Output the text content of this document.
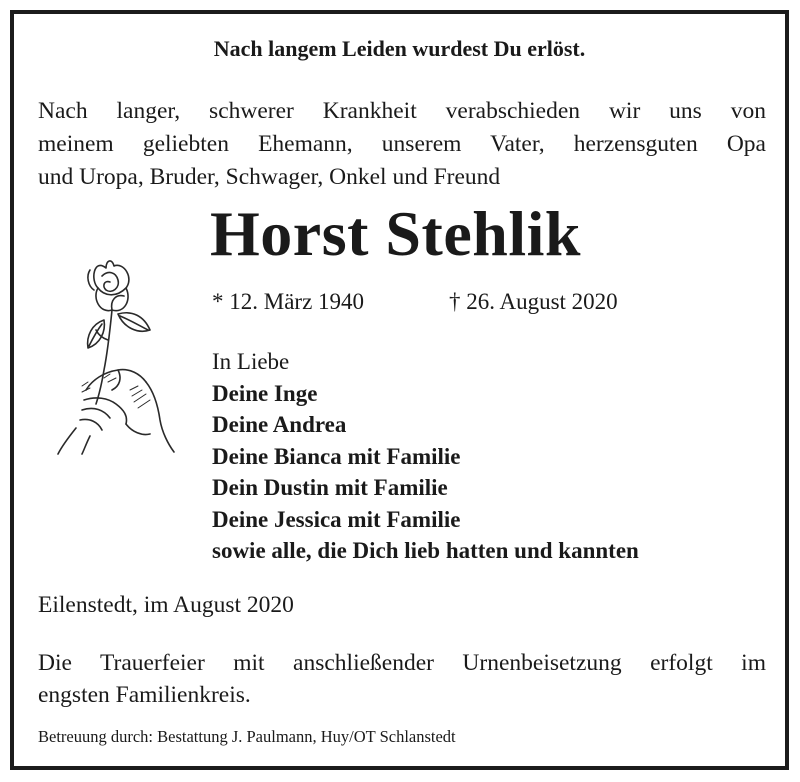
Nach langem Leiden wurdest Du erlöst.
Nach langer, schwerer Krankheit verabschieden wir uns von
meinem geliebten Ehemann, unserem Vater, herzensguten Opa
und Uropa, Bruder, Schwager, Onkel und Freund
Horst Stehlik
* 12. März 1940	† 26. August 2020
In Liebe
Deine Inge
Deine Andrea
Deine Bianca mit Familie
Dein Dustin mit Familie
Deine Jessica mit Familie
sowie alle, die Dich lieb hatten und kannten
Eilenstedt, im August 2020
Die Trauerfeier mit anschließender Urnenbeisetzung erfolgt im
engsten Familienkreis.
Betreuung durch: Bestattung J. Paulmann, Huy/OT Schlanstedt
